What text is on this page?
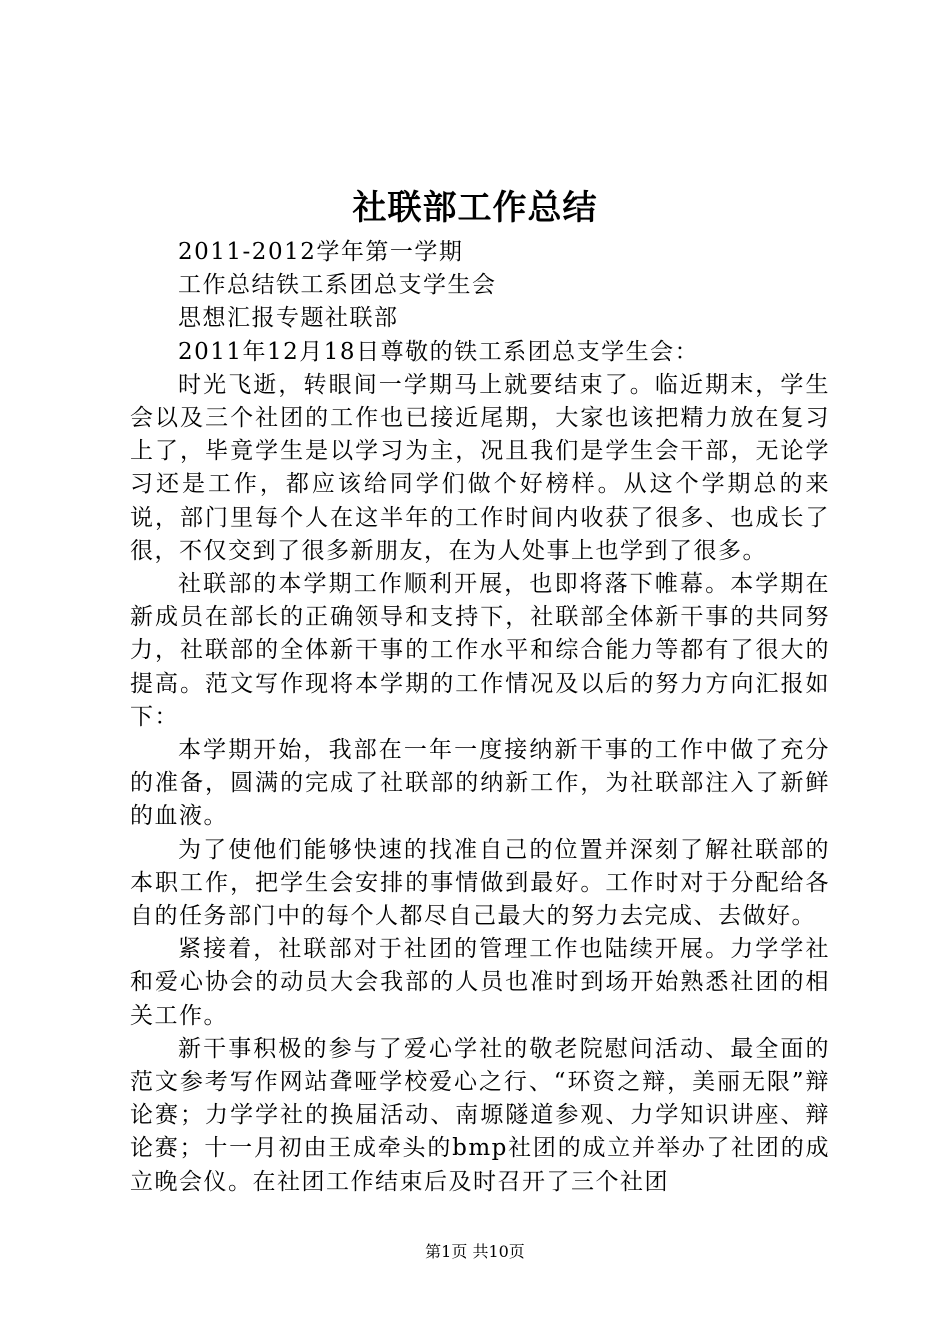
社联部工作总结

2011-2012学年第一学期

工作总结铁工系团总支学生会

思想汇报专题社联部

2011年12月18日尊敬的铁工系团总支学生会：

时光飞逝，转眼间一学期马上就要结束了。临近期末，学生会以及三个社团的工作也已接近尾期，大家也该把精力放在复习上了，毕竟学生是以学习为主，况且我们是学生会干部，无论学习还是工作，都应该给同学们做个好榜样。从这个学期总的来说，部门里每个人在这半年的工作时间内收获了很多、也成长了很，不仅交到了很多新朋友，在为人处事上也学到了很多。

社联部的本学期工作顺利开展，也即将落下帷幕。本学期在新成员在部长的正确领导和支持下，社联部全体新干事的共同努力，社联部的全体新干事的工作水平和综合能力等都有了很大的提高。范文写作现将本学期的工作情况及以后的努力方向汇报如下：

本学期开始，我部在一年一度接纳新干事的工作中做了充分的准备，圆满的完成了社联部的纳新工作，为社联部注入了新鲜的血液。

为了使他们能够快速的找准自己的位置并深刻了解社联部的本职工作，把学生会安排的事情做到最好。工作时对于分配给各自的任务部门中的每个人都尽自己最大的努力去完成、去做好。

紧接着，社联部对于社团的管理工作也陆续开展。力学学社和爱心协会的动员大会我部的人员也准时到场开始熟悉社团的相关工作。

新干事积极的参与了爱心学社的敬老院慰问活动、最全面的范文参考写作网站聋哑学校爱心之行、“环资之辩，美丽无限”辩论赛；力学学社的换届活动、南塬隧道参观、力学知识讲座、辩论赛；十一月初由王成牵头的bmp社团的成立并举办了社团的成立晚会仪。在社团工作结束后及时召开了三个社团

第1页 共10页
